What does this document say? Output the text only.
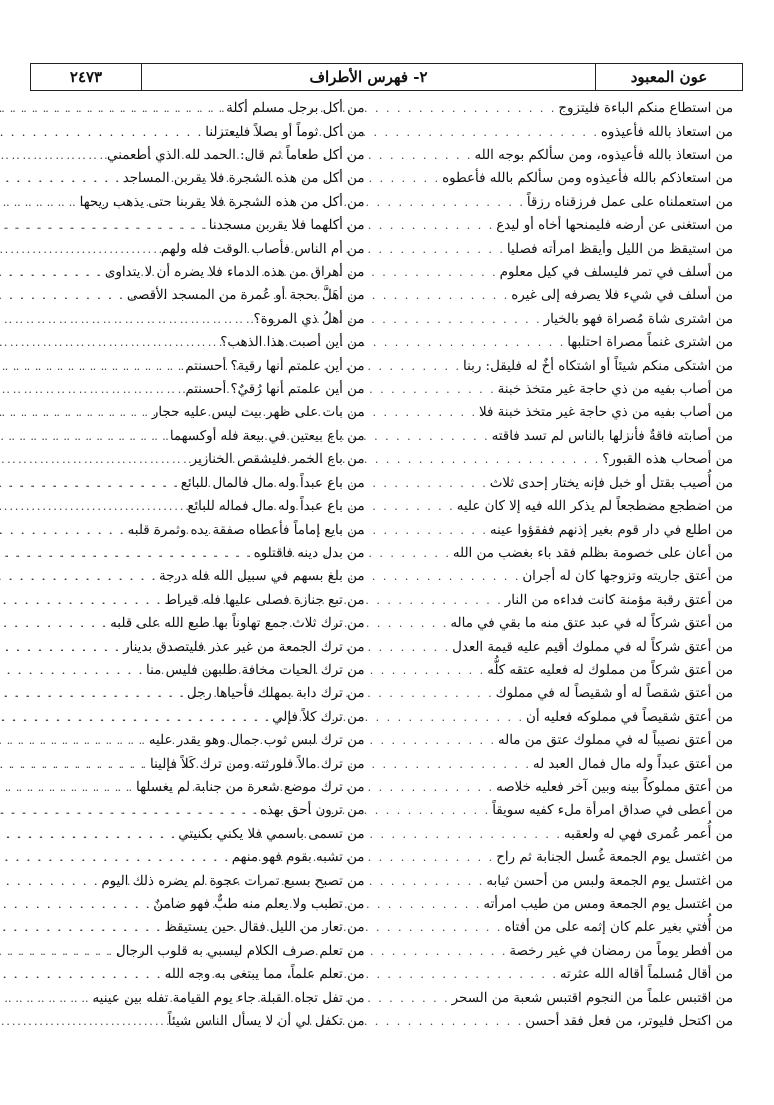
عون المعبود
٢- فهرس الأطراف
٢٤٧٣
من استطاع منكم الباءة فليتزوج
. . .
من استعاذ بالله فأعيذوه
. . .
من استعاذ بالله فأعيذوه، ومن سألكم بوجه الله
. . .
من استعاذكم بالله فأعيذوه ومن سألكم بالله فأعطوه
. . .
من استعملناه على عمل فرزقناه رزقاً
. . .
من استغنى عن أرضه فليمنحها أخاه أو ليدع
. . .
من استيقظ من الليل وأيقظ امرأته فصليا
. . .
من أسلف في تمر فليسلف في كيل معلوم
. . .
من أسلف في شيء فلا يصرفه إلى غيره
. . .
من اشترى شاة مُصراة فهو بالخيار
. . .
من اشترى غنماً مصراة احتلبها
. . .
من اشتكى منكم شيئاً أو اشتكاه أخٌ له فليقل: ربنا
. . .
من أصاب بفيه من ذي حاجة غير متخذ خبنة
. . .
من أصاب بفيه من ذي حاجة غير متخذ خبنة فلا
. . .
من أصابته فاقةٌ فأنزلها بالناس لم تسد فاقته
. . .
من أصحاب هذه القبور؟
. . .
من أُصيب بقتل أو خبل فإنه يختار إحدى ثلاث
. . .
من اضطجع مضطجعاً لم يذكر الله فيه إلا كان عليه
. . .
من اطلع في دار قوم بغير إذنهم ففقؤوا عينه
. . .
من أعان على خصومة بظلم فقد باء بغضب من الله
. . .
من أعتق جاريته وتزوجها كان له أجران
. . .
من أعتق رقبة مؤمنة كانت فداءه من النار
. . .
من أعتق شركاً له في عبد عتق منه ما بقي في ماله
. . .
من أعتق شركاً له في مملوك أقيم عليه قيمة العدل
. . .
من أعتق شركاً من مملوك له فعليه عتقه كلُّه
. . .
من أعتق شقصاً له أو شقيصاً له في مملوك
. . .
من أعتق شقيصاً في مملوكه فعليه أن
. . .
من أعتق نصيباً له في مملوك عتق من ماله
. . .
من أعتق عبداً وله مال فمال العبد له
. . .
من أعتق مملوكاً بينه وبين آخر فعليه خلاصه
. . .
من أعطى في صداق امرأة ملء كفيه سويقاً
. . .
من أُعمر عُمرى فهي له ولعقبه
. . .
من اغتسل يوم الجمعة غُسل الجنابة ثم راح
. . .
من اغتسل يوم الجمعة ولبس من أحسن ثيابه
. . .
من اغتسل يوم الجمعة ومس من طيب امرأته
. . .
من أُفتي بغير علم كان إثمه على من أفتاه
. . .
من أفطر يوماً من رمضان في غير رخصة
. . .
من أقال مُسلماً أقاله الله عثرته
. . .
من اقتبس علماً من النجوم اقتبس شعبة من السحر
. . .
من اكتحل فليوتر، من فعل فقد أحسن
. . .
من أكل برجل مسلم أكلة
. . .
من أكل ثوماً أو بصلاً فليعتزلنا
. . .
من أكل طعاماً ثم قال: الحمد لله الذي أطعمني
. . .
من أكل من هذه الشجرة فلا يقربن المساجد
. . .
من أكل من هذه الشجرة فلا يقربنا حتى يذهب ريحها
. . .
من أكلهما فلا يقربن مسجدنا
. . .
من أم الناس فأصاب الوقت فله ولهم
. . .
من أهراق من هذه الدماء فلا يضره أن لا يتداوى
. . .
من أهَلَّ بحجة أو عُمرة من المسجد الأقصى
. . .
من أهلُ ذي المروة؟
. . .
من أين أصبت هذا الذهب؟
. . .
من أين علمتم أنها رقية؟ أحسنتم
. . .
من أين علمتم أنها رُقيٌ؟ أحسنتم
. . .
من بات على ظهر بيت ليس عليه حجار
. . .
من باع بيعتين في بيعة فله أوكسهما
. . .
من باع الخمر فليشقص الخنازير
. . .
من باع عبداً وله مال فالمال للبائع
. . .
من باع عبداً وله مال فماله للبائع
. . .
من بايع إماماً فأعطاه صفقة يده وثمرة قلبه
. . .
من بدل دينه فاقتلوه
. . .
من بلغ بسهم في سبيل الله فله درجة
. . .
من تبع جنازة فصلى عليها فله قيراط
. . .
من ترك ثلاث جمع تهاوناً بها طبع الله على قلبه
. . .
من ترك الجمعة من غير عذر فليتصدق بدينار
. . .
من ترك الحيات مخافة طلبهن فليس منا
. . .
من ترك دابة بمهلك فأحياها رجل
. . .
من ترك كلاً فإلي
. . .
من ترك لبس ثوب جمال وهو يقدر عليه
. . .
من ترك مالاً فلورثته ومن ترك كَلاً فإلينا
. . .
من ترك موضع شعرة من جنابة لم يغسلها
. . .
من ترون أحق بهذه
. . .
من تسمى باسمي فلا يكني بكنيتي
. . .
من تشبه بقوم فهو منهم
. . .
من تصبح بسبع تمرات عجوة لم يضره ذلك اليوم
. . .
من تطبب ولا يعلم منه طبٌّ فهو ضامنٌ
. . .
من تعار من الليل فقال حين يستيقظ
. . .
من تعلم صرف الكلام ليسبي به قلوب الرجال
. . .
من تعلم علماً، مما يبتغى به وجه الله
. . .
من تفل تجاه القبلة جاء يوم القيامة تفله بين عينيه
. . .
من تكفل لي أن لا يسأل الناس شيئاً
. . .
